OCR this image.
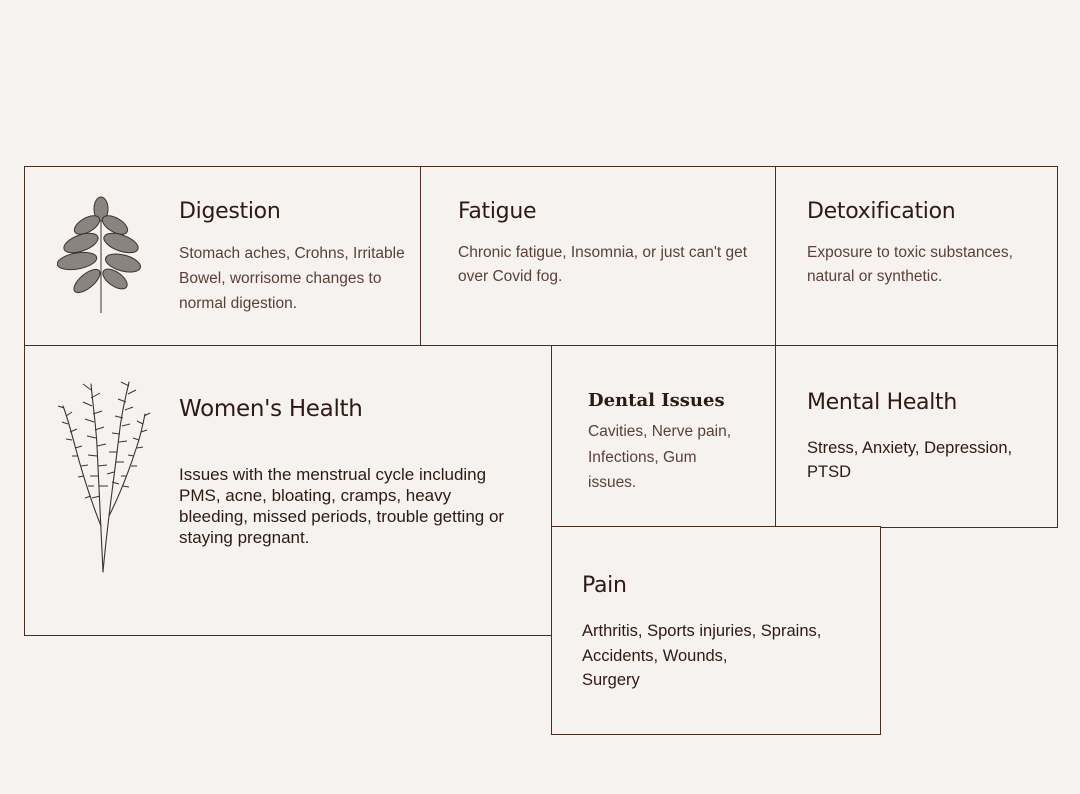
Women's Health

Issues with the menstrual cycle including PMS, acne, bloating, cramps, heavy bleeding, missed periods, trouble getting or staying pregnant.

Digestion

Stomach aches, Crohns, Irritable Bowel, worrisome changes to normal digestion.

Fatigue

Chronic fatigue, Insomnia, or just can't get over Covid fog.

Detoxification

Exposure to toxic substances, natural or synthetic.

Dental Issues

Cavities, Nerve pain, Infections, Gum issues.

Mental Health

Stress, Anxiety, Depression, PTSD

Pain
Arthritis, Sports injuries, Sprains,
Accidents, Wounds,
Surgery
